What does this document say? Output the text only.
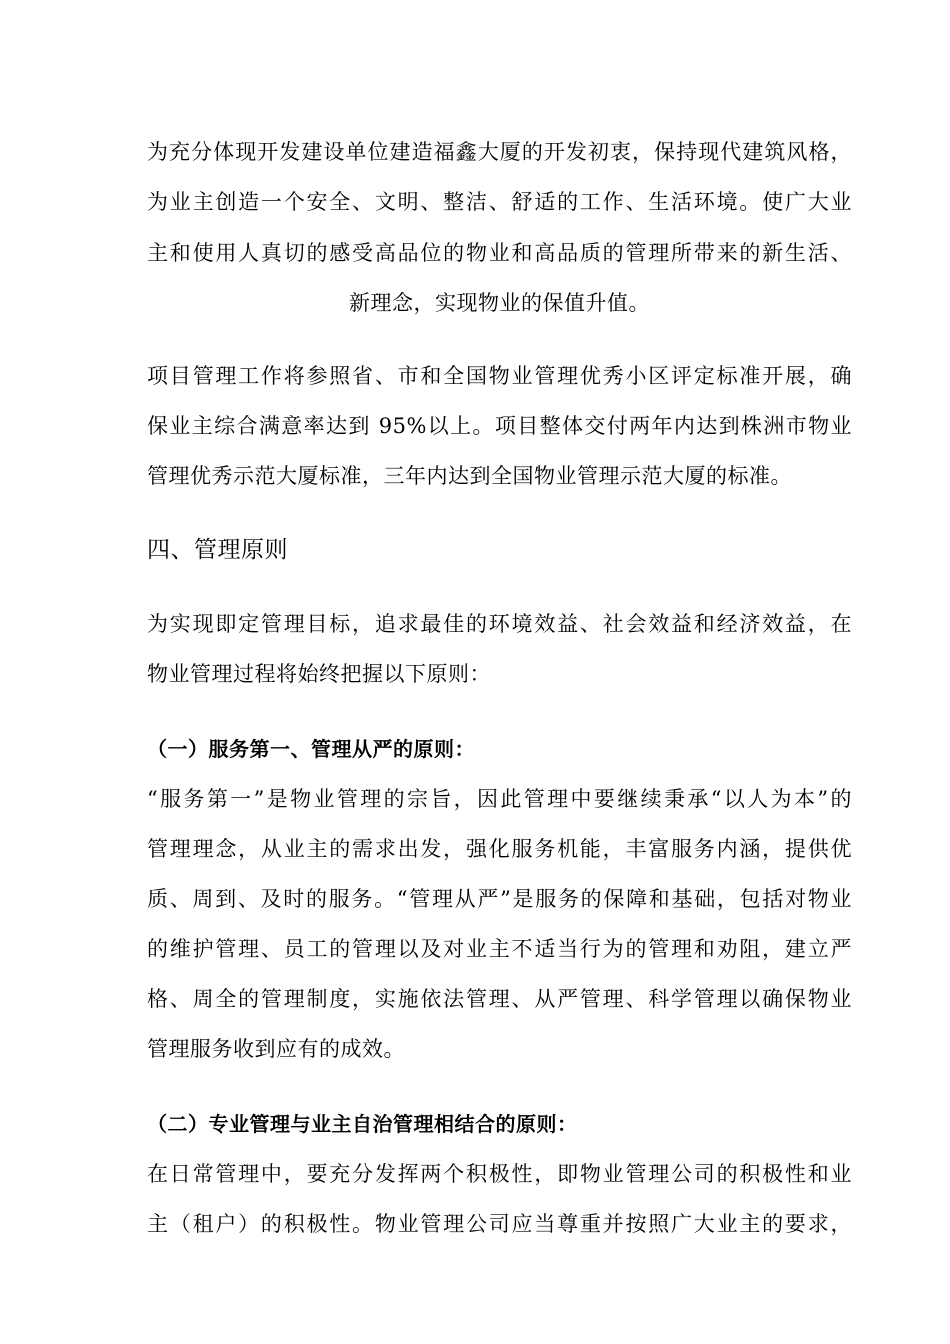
为充分体现开发建设单位建造福鑫大厦的开发初衷，保持现代建筑风格，
为业主创造一个安全、文明、整洁、舒适的工作、生活环境。使广大业
主和使用人真切的感受高品位的物业和高品质的管理所带来的新生活、
新理念，实现物业的保值升值。
项目管理工作将参照省、市和全国物业管理优秀小区评定标准开展，确
保业主综合满意率达到 95%以上。项目整体交付两年内达到株洲市物业
管理优秀示范大厦标准，三年内达到全国物业管理示范大厦的标准。
四、管理原则
为实现即定管理目标，追求最佳的环境效益、社会效益和经济效益，在
物业管理过程将始终把握以下原则：
（一）服务第一、管理从严的原则：
“服务第一”是物业管理的宗旨，因此管理中要继续秉承“以人为本”的
管理理念，从业主的需求出发，强化服务机能，丰富服务内涵，提供优
质、周到、及时的服务。“管理从严”是服务的保障和基础，包括对物业
的维护管理、员工的管理以及对业主不适当行为的管理和劝阻，建立严
格、周全的管理制度，实施依法管理、从严管理、科学管理以确保物业
管理服务收到应有的成效。
（二）专业管理与业主自治管理相结合的原则：
在日常管理中，要充分发挥两个积极性，即物业管理公司的积极性和业
主（租户）的积极性。物业管理公司应当尊重并按照广大业主的要求，
